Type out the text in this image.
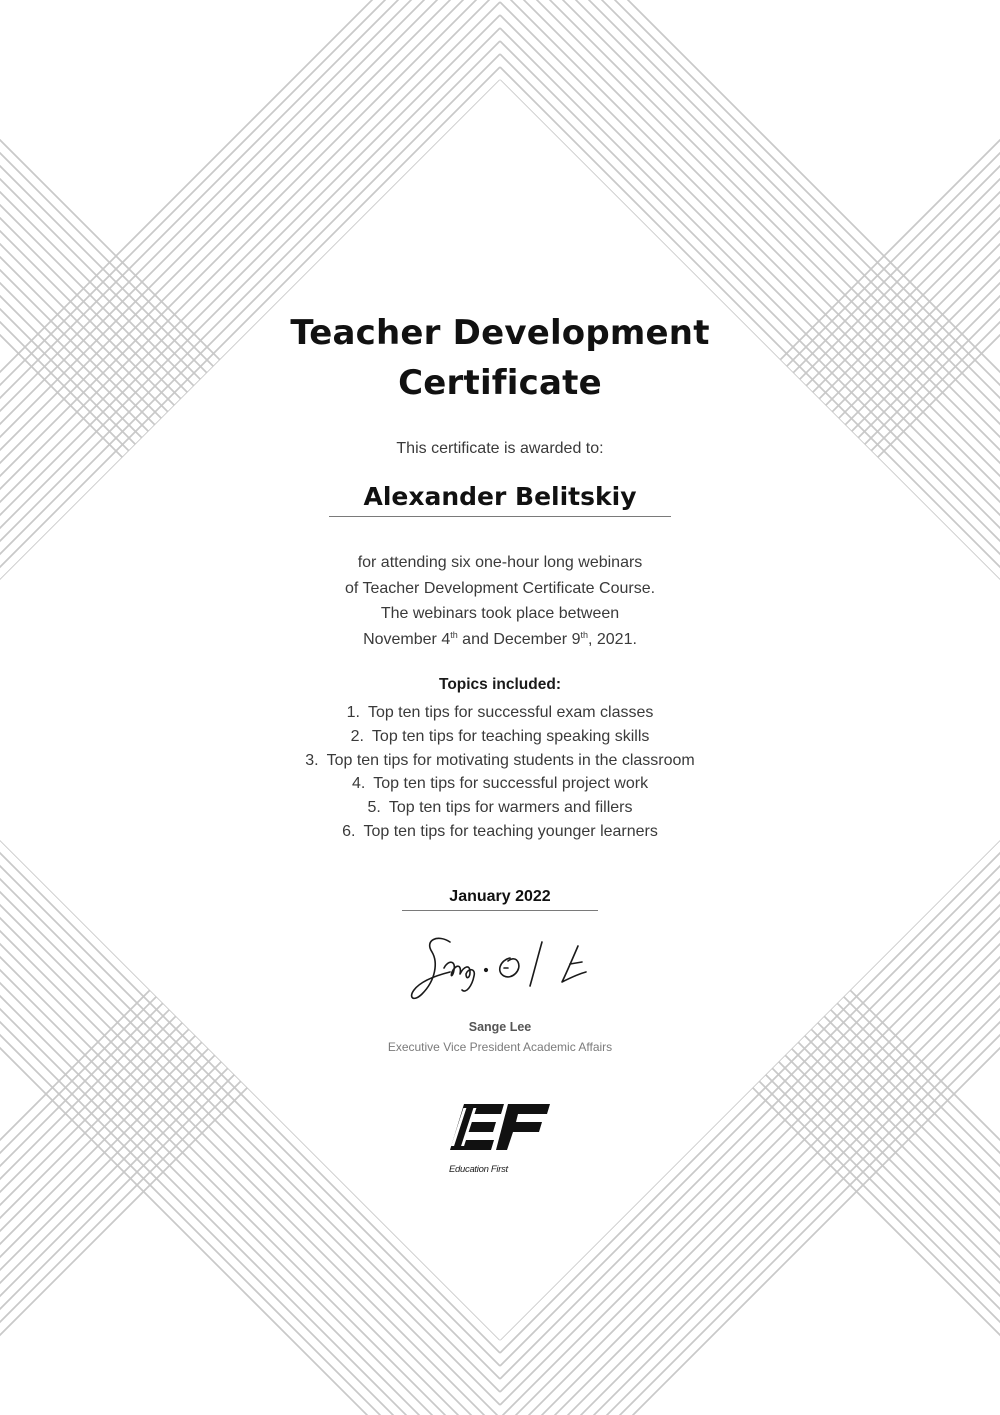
Teacher Development
Certificate
This certificate is awarded to:
Alexander Belitskiy
for attending six one-hour long webinars
of Teacher Development Certificate Course.
The webinars took place between
November 4th and December 9th, 2021.
Topics included:
1. Top ten tips for successful exam classes
2. Top ten tips for teaching speaking skills
3. Top ten tips for motivating students in the classroom
4. Top ten tips for successful project work
5. Top ten tips for warmers and fillers
6. Top ten tips for teaching younger learners
January 2022
Sange Lee
Executive Vice President Academic Affairs
Education First
